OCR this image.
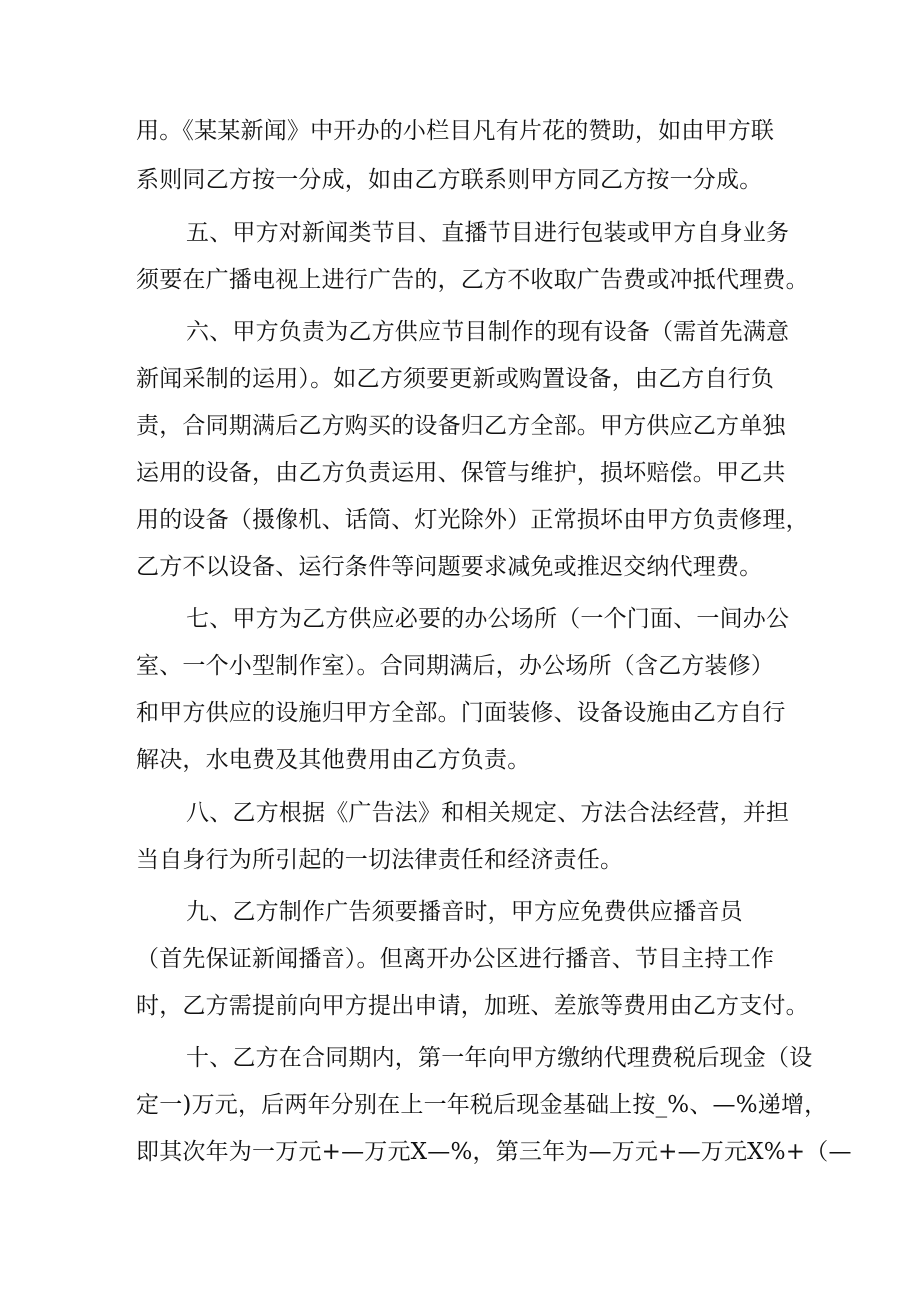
用。《某某新闻》中开办的小栏目凡有片花的赞助，如由甲方联

系则同乙方按一分成，如由乙方联系则甲方同乙方按一分成。

五、甲方对新闻类节目、直播节目进行包装或甲方自身业务

须要在广播电视上进行广告的，乙方不收取广告费或冲抵代理费。

六、甲方负责为乙方供应节目制作的现有设备（需首先满意

新闻采制的运用）。如乙方须要更新或购置设备，由乙方自行负

责，合同期满后乙方购买的设备归乙方全部。甲方供应乙方单独

运用的设备，由乙方负责运用、保管与维护，损坏赔偿。甲乙共

用的设备（摄像机、话筒、灯光除外）正常损坏由甲方负责修理，

乙方不以设备、运行条件等问题要求减免或推迟交纳代理费。

七、甲方为乙方供应必要的办公场所（一个门面、一间办公

室、一个小型制作室）。合同期满后，办公场所（含乙方装修）

和甲方供应的设施归甲方全部。门面装修、设备设施由乙方自行

解决，水电费及其他费用由乙方负责。

八、乙方根据《广告法》和相关规定、方法合法经营，并担

当自身行为所引起的一切法律责任和经济责任。

九、乙方制作广告须要播音时，甲方应免费供应播音员

（首先保证新闻播音）。但离开办公区进行播音、节目主持工作

时，乙方需提前向甲方提出申请，加班、差旅等费用由乙方支付。

十、乙方在合同期内，第一年向甲方缴纳代理费税后现金（设

定一)万元，后两年分别在上一年税后现金基础上按_%、—%递增，

即其次年为一万元+—万元X—%，第三年为—万元+—万元X%+（—
